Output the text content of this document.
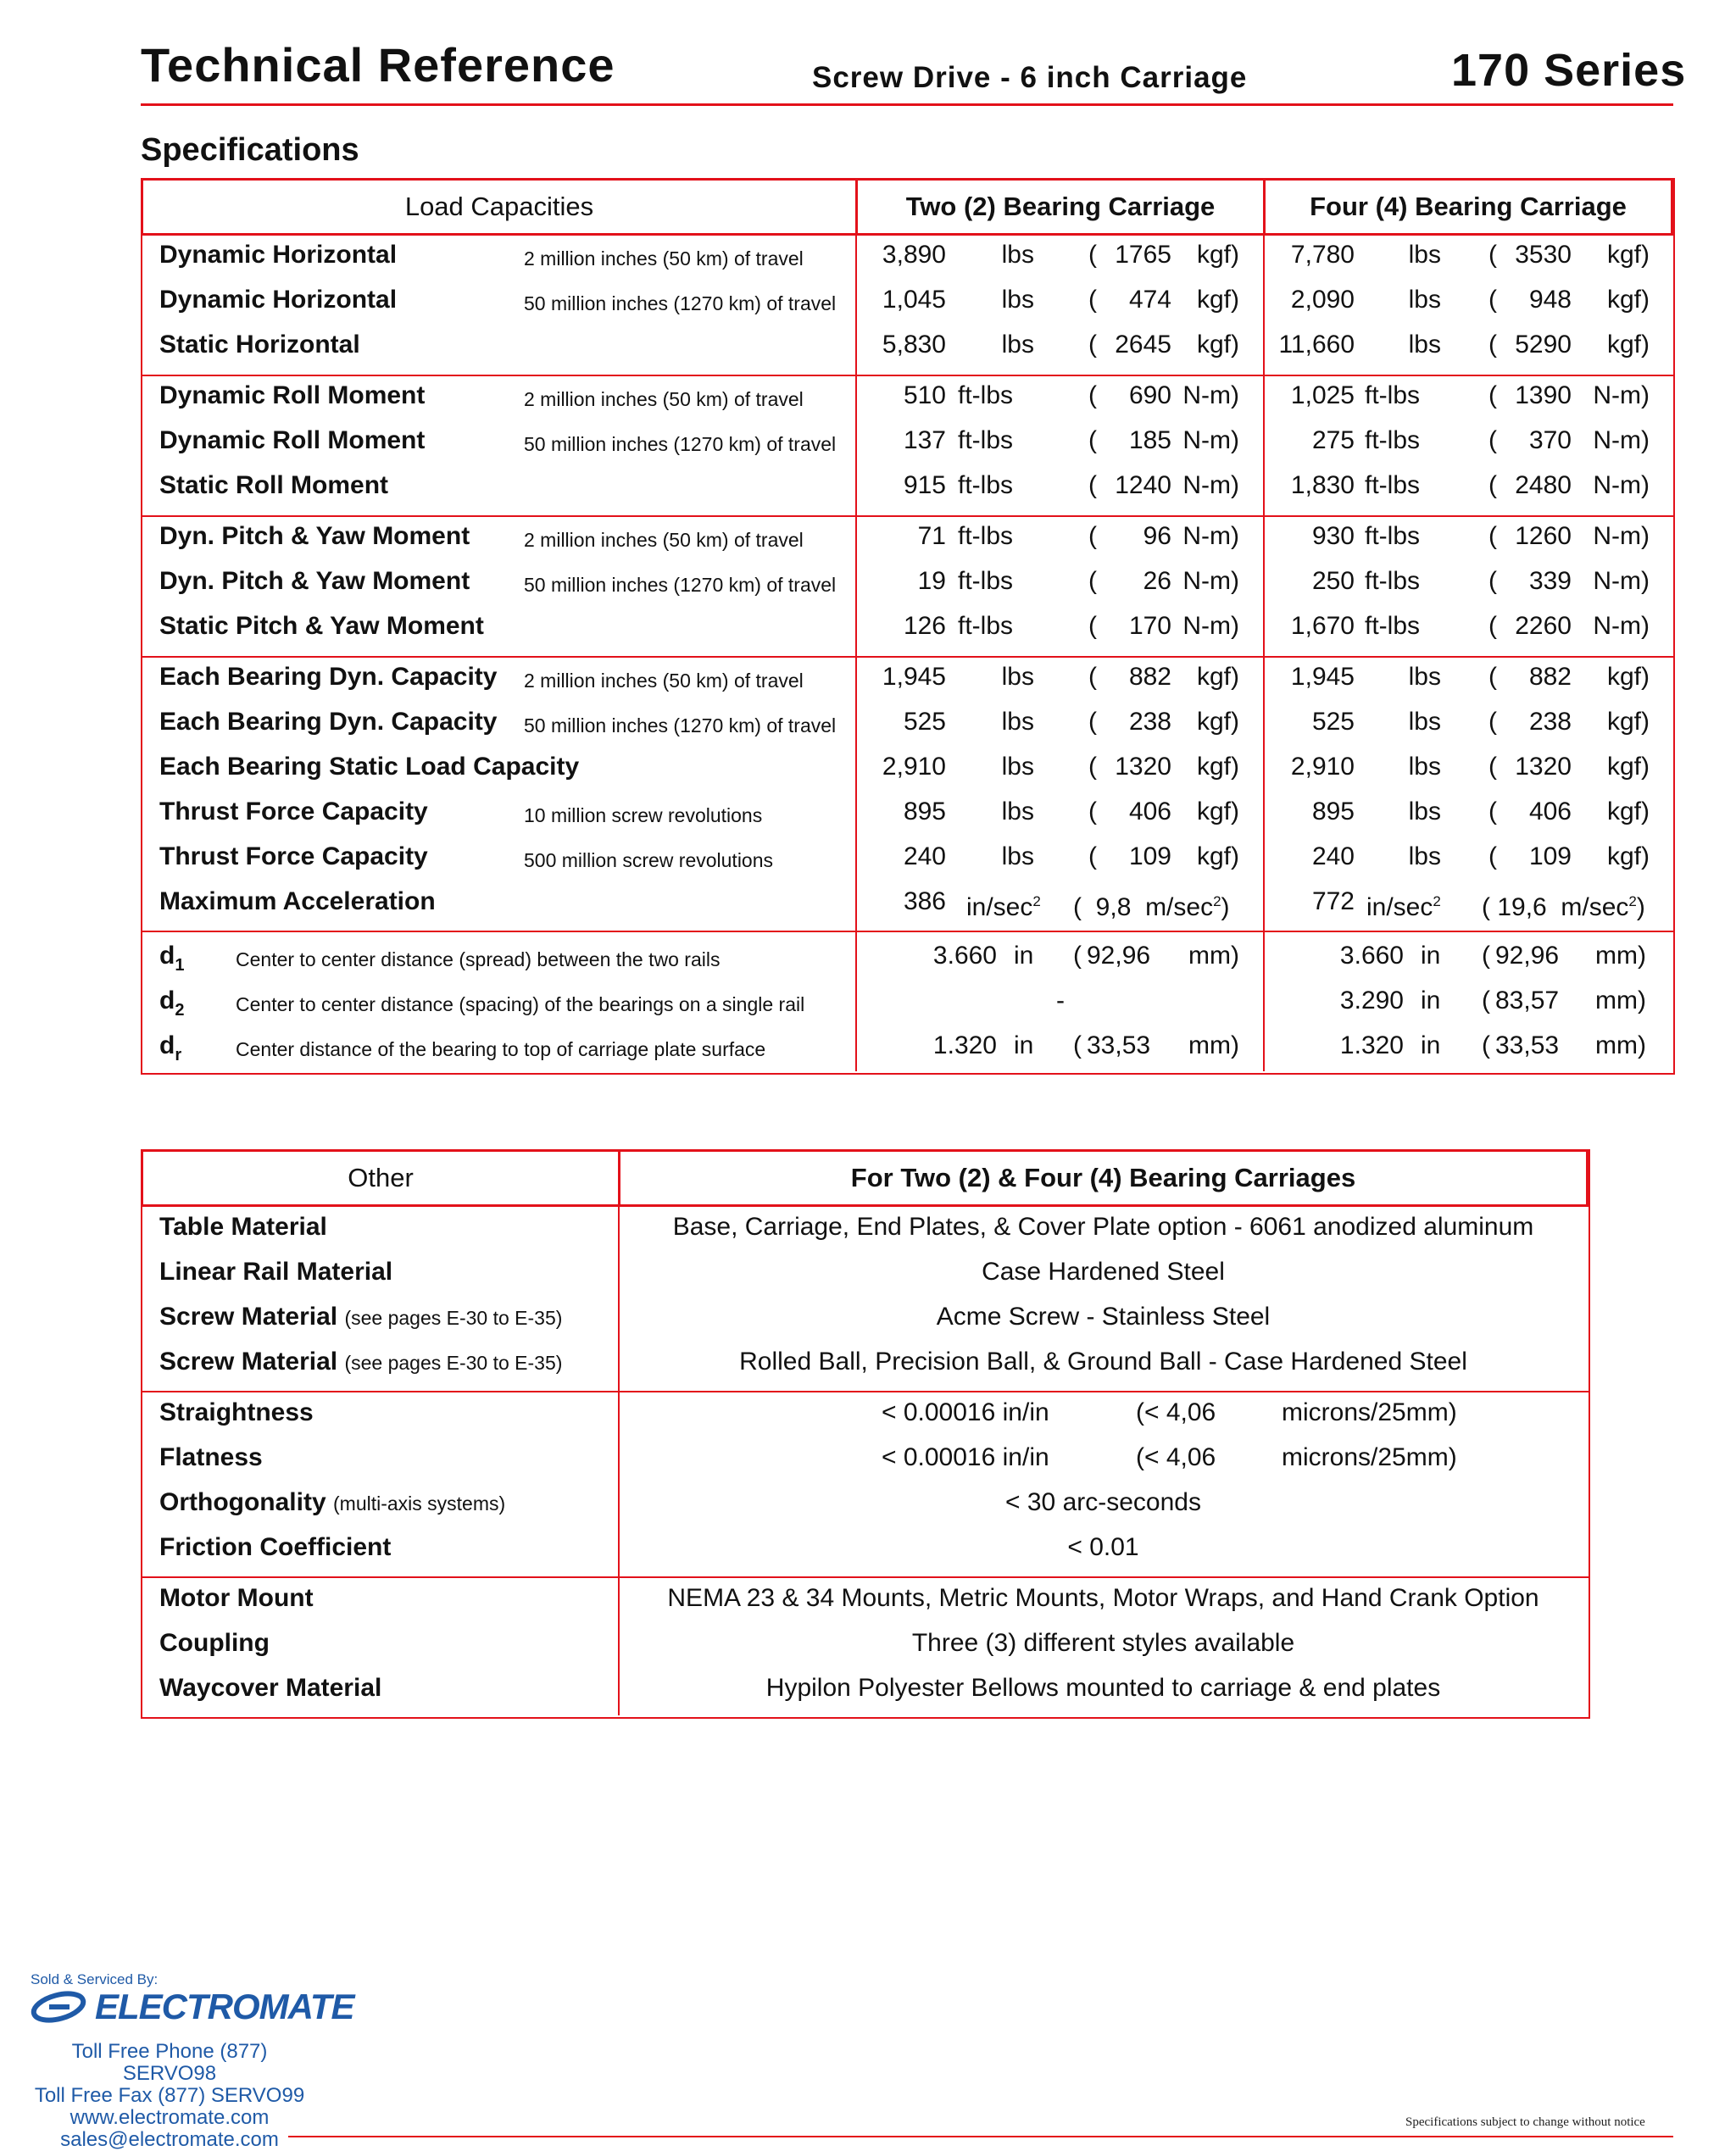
Technical Reference	Screw Drive - 6 inch Carriage	170 Series
Specifications
Load Capacities	Two (2) Bearing Carriage	Four (4) Bearing Carriage
Dynamic Horizontal	2 million inches (50 km) of travel	3,890	lbs ( 1765 kgf)	7,780	lbs ( 3530	kgf)
Dynamic Horizontal	50 million inches (1270 km) of travel	1,045	lbs (	474 kgf)	2,090	lbs (	948	kgf)
Static Horizontal	5,830	lbs ( 2645 kgf)	11,660	lbs ( 5290	kgf)
Dynamic Roll Moment	2 million inches (50 km) of travel	510 ft-lbs	(	690 N-m)	1,025 ft-lbs	( 1390 N-m)
Dynamic Roll Moment	50 million inches (1270 km) of travel	137 ft-lbs	(	185 N-m)	275 ft-lbs	(	370 N-m)
Static Roll Moment	915 ft-lbs	( 1240 N-m)	1,830 ft-lbs	( 2480 N-m)
Dyn. Pitch & Yaw Moment	2 million inches (50 km) of travel	71 ft-lbs	(	96 N-m)	930 ft-lbs	( 1260 N-m)
Dyn. Pitch & Yaw Moment	50 million inches (1270 km) of travel	19 ft-lbs	(	26 N-m)	250 ft-lbs	(	339 N-m)
Static Pitch & Yaw Moment	126 ft-lbs	(	170 N-m)	1,670 ft-lbs	( 2260 N-m)
Each Bearing Dyn. Capacity 2 million inches (50 km) of travel	1,945	lbs (	882 kgf)	1,945	lbs (	882	kgf)
Each Bearing Dyn. Capacity 50 million inches (1270 km) of travel	525	lbs (	238 kgf)	525	lbs (	238	kgf)
Each Bearing Static Load Capacity	2,910	lbs ( 1320 kgf)	2,910	lbs ( 1320	kgf)
Thrust Force Capacity	10 million screw revolutions	895	lbs (	406 kgf)	895	lbs (	406	kgf)
Thrust Force Capacity	500 million screw revolutions	240	lbs (	109 kgf)	240	lbs (	109	kgf)
Maximum Acceleration	386 $in/\sec^2$ (  9,8 $m/\sec^2$)	772 $in/\sec^2$ ( 19,6 $m/\sec^2$)
$d_1$	Center to center distance (spread) between the two rails	3.660 in	( 92,96	mm)	3.660 in	( 92,96	mm)
$d_2$	Center to center distance (spacing) of the bearings on a single rail	-	3.290 in	( 83,57	mm)
$d_r$	Center distance of the bearing to top of carriage plate surface	1.320 in	( 33,53	mm)	1.320 in	( 33,53	mm)
Other	For Two (2) & Four (4) Bearing Carriages
Table Material	Base, Carriage, End Plates, & Cover Plate option - 6061 anodized aluminum
Linear Rail Material	Case Hardened Steel
Screw Material (see pages E-30 to E-35)	Acme Screw - Stainless Steel
Screw Material (see pages E-30 to E-35)	Rolled Ball, Precision Ball, & Ground Ball - Case Hardened Steel
Straightness	< 0.00016 in/in	(< 4,06	microns/25mm)
Flatness	< 0.00016 in/in	(< 4,06	microns/25mm)
Orthogonality (multi-axis systems)	< 30 arc-seconds
Friction Coefficient	< 0.01
Motor Mount	NEMA 23 & 34 Mounts, Metric Mounts, Motor Wraps, and Hand Crank Option
Coupling	Three (3) different styles available
Waycover Material	Hypilon Polyester Bellows mounted to carriage & end plates
Sold & Serviced By:
ELECTROMATE
Toll Free Phone (877) SERVO98
Toll Free Fax (877) SERVO99
www.electromate.com
sales@electromate.com
Specifications subject to change without notice
